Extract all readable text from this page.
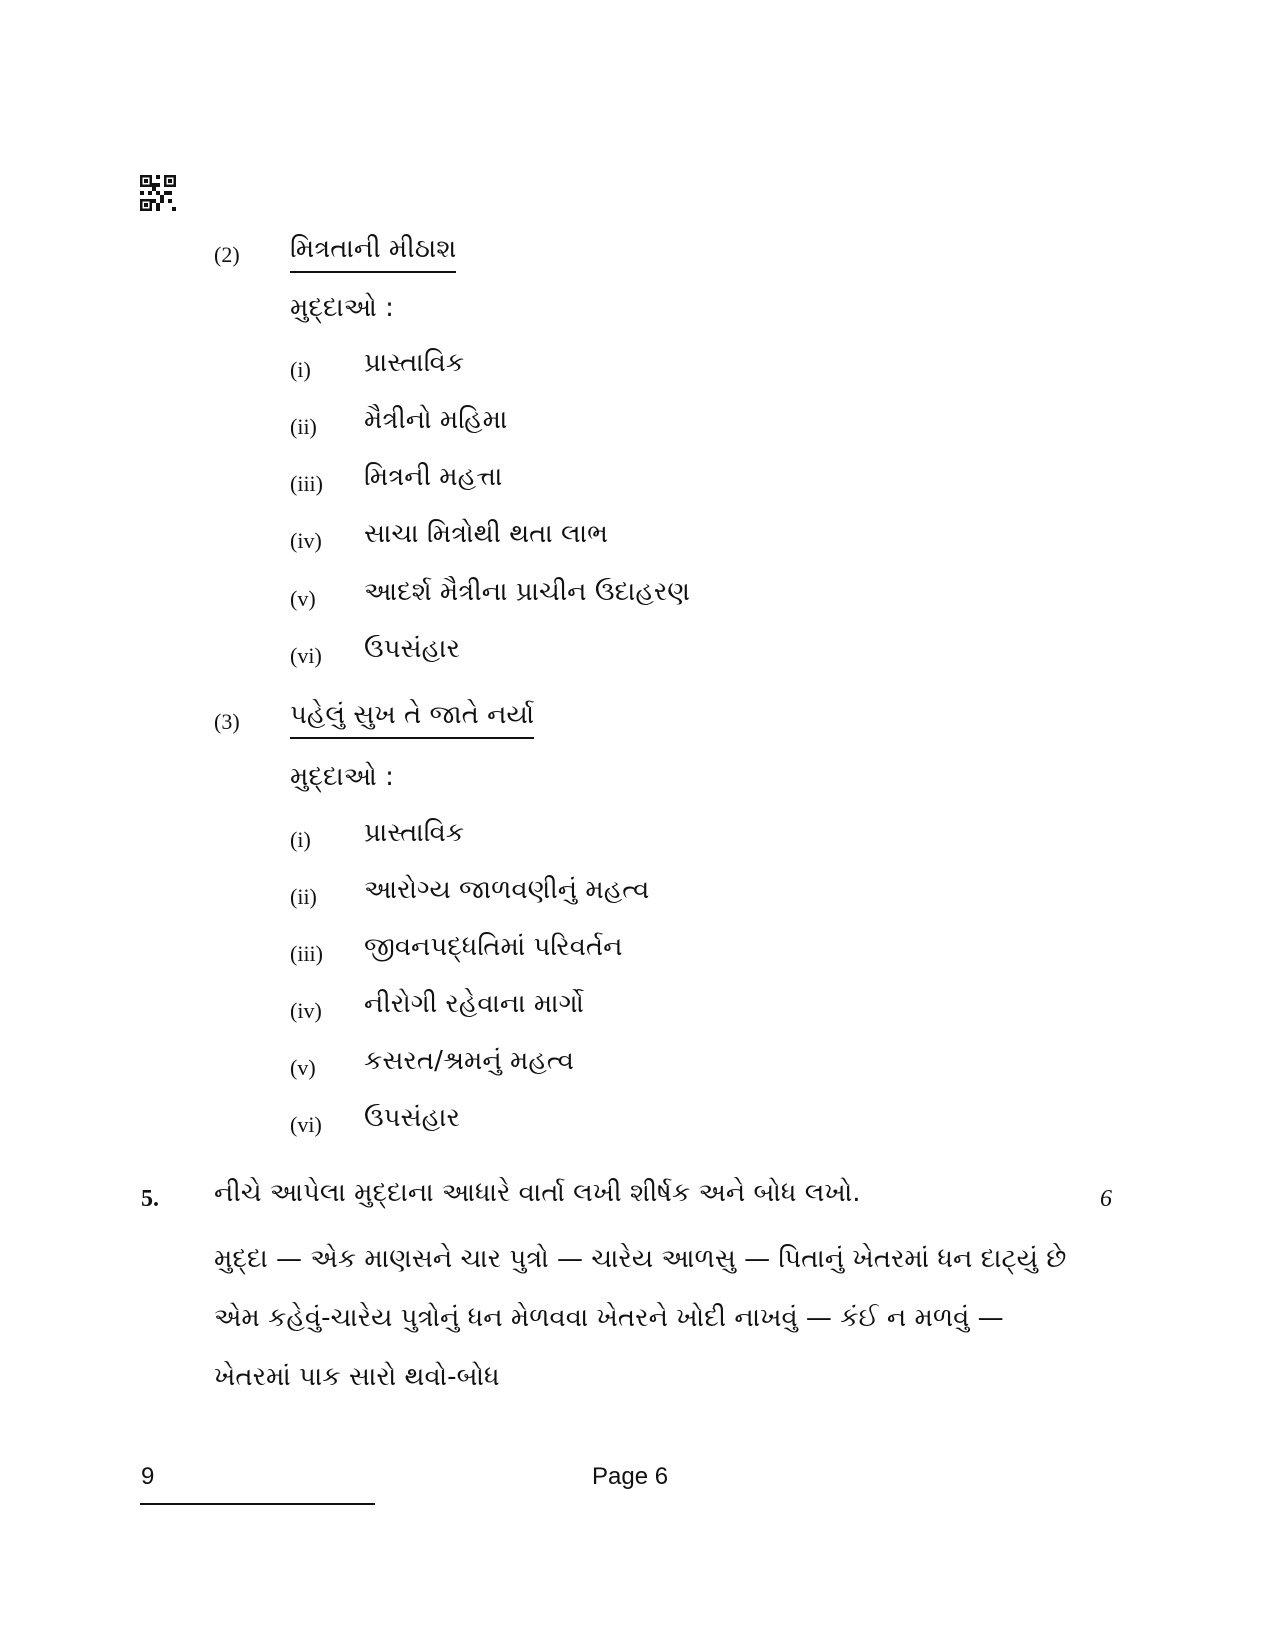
(2) મિત્રતાની મીઠાશ
મુદ્દાઓ :
(i) પ્રાસ્તાવિક
(ii) મૈત્રીનો મહિમા
(iii) મિત્રની મહત્તા
(iv) સાચા મિત્રોથી થતા લાભ
(v) આદર્શ મૈત્રીના પ્રાચીન ઉદાહરણ
(vi) ઉપસંહાર
(3) પહેલું સુખ તે જાતે નર્યા
મુદ્દાઓ :
(i) પ્રાસ્તાવિક
(ii) આરોગ્ય જાળવણીનું મહત્વ
(iii) જીવનપદ્ધતિમાં પરિવર્તન
(iv) નીરોગી રહેવાના માર્ગો
(v) કસરત/શ્રમનું મહત્વ
(vi) ઉપસંહાર
5. નીચે આપેલા મુદ્દાના આધારે વાર્તા લખી શીર્ષક અને બોધ લખો.	6
મુદ્દા — એક માણસને ચાર પુત્રો — ચારેય આળસુ — પિતાનું ખેતરમાં ધન દાટ્યું છે
એમ કહેવું-ચારેય પુત્રોનું ધન મેળવવા ખેતરને ખોદી નાખવું — કંઈ ન મળવું —
ખેતરમાં પાક સારો થવો-બોધ
9	Page 6
